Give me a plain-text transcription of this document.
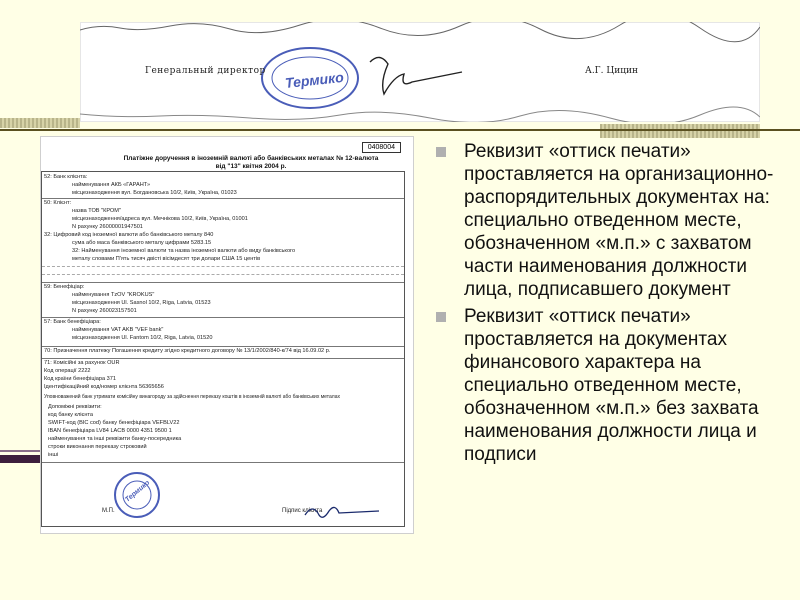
Генеральный директор Термико	А.Г. Цицин
0408004
Платіжне доручення в іноземній валюті або банківських металах № 12-валюта
від "13" квітня 2004 р.
52: Банк клієнта:
найменування АКБ «ГАРАНТ»
місцезнаходження вул. Богдановська 10/2, Київ, Україна, 01023
50: Клієнт:
назва ТОВ "КРОМ"
місцезнаходження/адреса вул. Мечнікова 10/2, Київ, Україна, 01001
N рахунку 26000001947501
32: Цифровий код іноземної валюти або банківського металу 840
сума або маса банківського металу цифрами 5283.15
32: Найменування іноземної валюти та назва іноземної валюти або виду банківського
металу словами П'ять тисяч двісті вісімдесят три долари США 15 центів
59: Бенефіціар:
найменування TzOV "KROKUS"
місцезнаходження Ul. Sasnol 10/2, Riga, Latvia, 01523
N рахунку 260023157501
57: Банк бенефіціара:
найменування VAT AKB "VEF bank"
місцезнаходження Ul. Fantom 10/2, Riga, Latvia, 01520
70: Призначення платежу Погашення кредиту згідно кредитного договору № 13/1/2002/840-к/74 від 16.09.02 р.
71: Комісійні за рахунок OUR
Код операції 2222
Код країни бенефіціара 371
Ідентифікаційний код/номер клієнта 56365656
Уповноважений банк утримати комісійну винагороду за здійснення переказу коштів в іноземній валюті або банківських металах
Допоміжні реквізити:
код банку клієнта
SWIFT-код (BIC cod) банку бенефіціара VEFBLV22
IBAN бенефіціара LV84 LACB 0000 4351 9500 1
найменування та інші реквізити банку-посередника
строки виконання переказу строковий
інші
М.П.	Підпис клієнта
Термико
Реквизит «оттиск печати» проставляется на организационно-распорядительных документах на: специально отведенном месте, обозначенном «м.п.» с захватом части наименования должности лица, подписавшего документ
Реквизит «оттиск печати» проставляется на документах финансового характера на специально отведенном месте, обозначенном «м.п.» без захвата наименования должности лица и подписи
